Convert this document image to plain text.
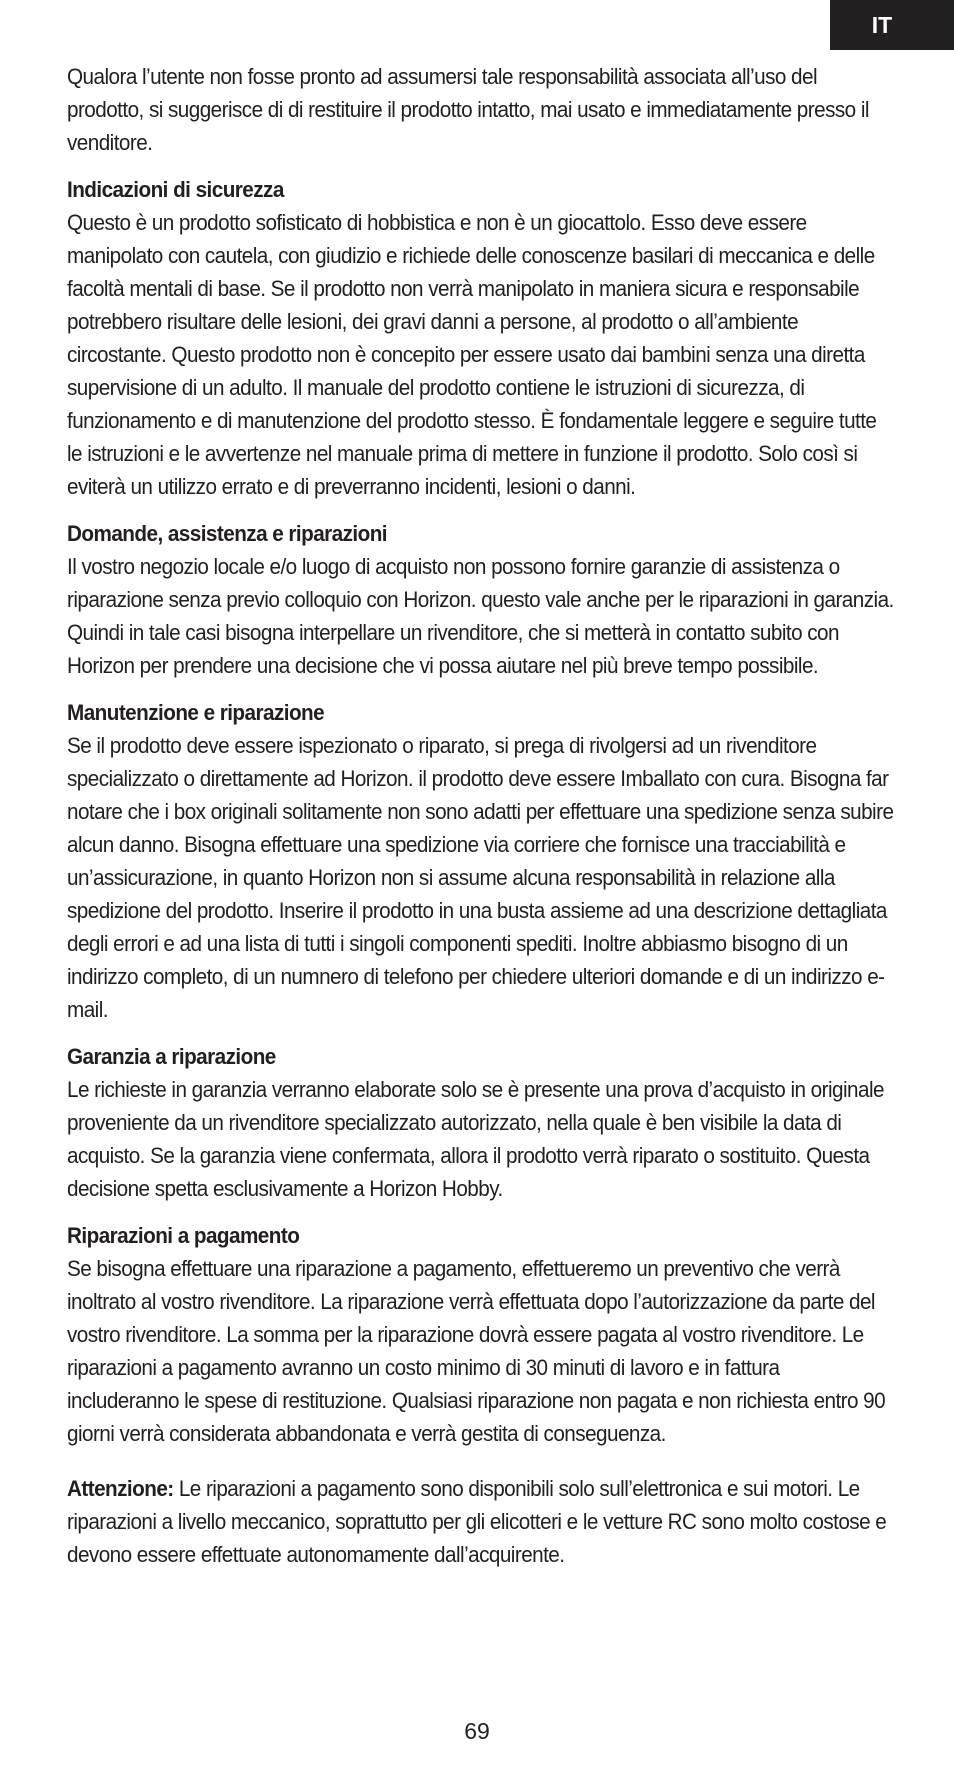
IT

Qualora l’utente non fosse pronto ad assumersi tale responsabilità associata all’uso del prodotto, si suggerisce di di restituire il prodotto intatto, mai usato e immediatamente presso il venditore.

Indicazioni di sicurezza

Questo è un prodotto sofisticato di hobbistica e non è un giocattolo. Esso deve essere manipolato con cautela, con giudizio e richiede delle conoscenze basilari di meccanica e delle facoltà mentali di base. Se il prodotto non verrà manipolato in maniera sicura e responsabile potrebbero risultare delle lesioni, dei gravi danni a persone, al prodotto o all’ambiente circostante. Questo prodotto non è concepito per essere usato dai bambini senza una diretta supervisione di un adulto. Il manuale del prodotto contiene le istruzioni di sicurezza, di funzionamento e di manutenzione del prodotto stesso. È fondamentale leggere e seguire tutte le istruzioni e le avvertenze nel manuale prima di mettere in funzione il prodotto. Solo così si eviterà un utilizzo errato e di preverranno incidenti, lesioni o danni.

Domande, assistenza e riparazioni

Il vostro negozio locale e/o luogo di acquisto non possono fornire garanzie di assistenza o riparazione senza previo colloquio con Horizon. questo vale anche per le riparazioni in garanzia. Quindi in tale casi bisogna interpellare un rivenditore, che si metterà in contatto subito con Horizon per prendere una decisione che vi possa aiutare nel più breve tempo possibile.

Manutenzione e riparazione

Se il prodotto deve essere ispezionato o riparato, si prega di rivolgersi ad un rivenditore specializzato o direttamente ad Horizon. il prodotto deve essere Imballato con cura. Bisogna far notare che i box originali solitamente non sono adatti per effettuare una spedizione senza subire alcun danno. Bisogna effettuare una spedizione via corriere che fornisce una tracciabilità e un’assicurazione, in quanto Horizon non si assume alcuna responsabilità in relazione alla spedizione del prodotto. Inserire il prodotto in una busta assieme ad una descrizione dettagliata degli errori e ad una lista di tutti i singoli componenti spediti. Inoltre abbiasmo bisogno di un indirizzo completo, di un numnero di telefono per chiedere ulteriori domande e di un indirizzo e-mail.

Garanzia a riparazione

Le richieste in garanzia verranno elaborate solo se è presente una prova d’acquisto in originale proveniente da un rivenditore specializzato autorizzato, nella quale è ben visibile la data di acquisto. Se la garanzia viene confermata, allora il prodotto verrà riparato o sostituito. Questa decisione spetta esclusivamente a Horizon Hobby.

Riparazioni a pagamento

Se bisogna effettuare una riparazione a pagamento, effettueremo un preventivo che verrà inoltrato al vostro rivenditore. La riparazione verrà effettuata dopo l’autorizzazione da parte del vostro rivenditore. La somma per la riparazione dovrà essere pagata al vostro rivenditore. Le riparazioni a pagamento avranno un costo minimo di 30 minuti di lavoro e in fattura includeranno le spese di restituzione. Qualsiasi riparazione non pagata e non richiesta entro 90 giorni verrà considerata abbandonata e verrà gestita di conseguenza.

Attenzione: Le riparazioni a pagamento sono disponibili solo sull’elettronica e sui motori. Le riparazioni a livello meccanico, soprattutto per gli elicotteri e le vetture RC sono molto costose e devono essere effettuate autonomamente dall’acquirente.

69
